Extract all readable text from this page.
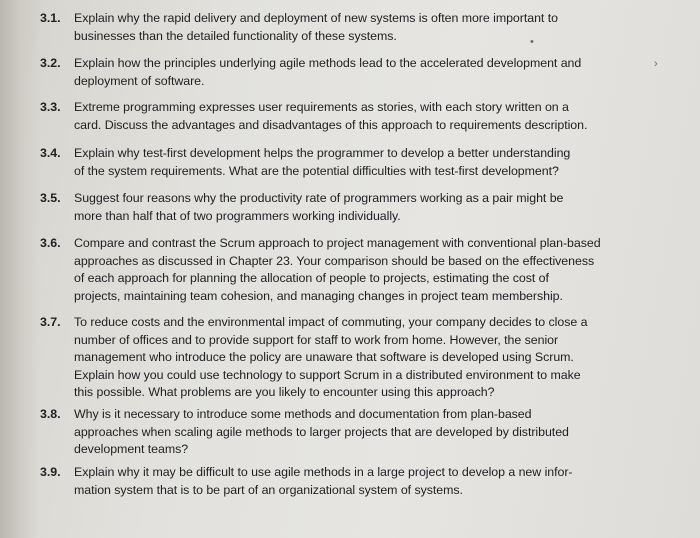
3.1.	Explain why the rapid delivery and deployment of new systems is often more important to
businesses than the detailed functionality of these systems.
3.2.	Explain how the principles underlying agile methods lead to the accelerated development and
deployment of software.
3.3.	Extreme programming expresses user requirements as stories, with each story written on a
card. Discuss the advantages and disadvantages of this approach to requirements description.
3.4.	Explain why test-first development helps the programmer to develop a better understanding
of the system requirements. What are the potential difficulties with test-first development?
3.5.	Suggest four reasons why the productivity rate of programmers working as a pair might be
more than half that of two programmers working individually.
3.6.	Compare and contrast the Scrum approach to project management with conventional plan-based
approaches as discussed in Chapter 23. Your comparison should be based on the effectiveness
of each approach for planning the allocation of people to projects, estimating the cost of
projects, maintaining team cohesion, and managing changes in project team membership.
3.7.	To reduce costs and the environmental impact of commuting, your company decides to close a
number of offices and to provide support for staff to work from home. However, the senior
management who introduce the policy are unaware that software is developed using Scrum.
Explain how you could use technology to support Scrum in a distributed environment to make
this possible. What problems are you likely to encounter using this approach?
3.8.	Why is it necessary to introduce some methods and documentation from plan-based
approaches when scaling agile methods to larger projects that are developed by distributed
development teams?
3.9.	Explain why it may be difficult to use agile methods in a large project to develop a new infor-
mation system that is to be part of an organizational system of systems.
•
›
